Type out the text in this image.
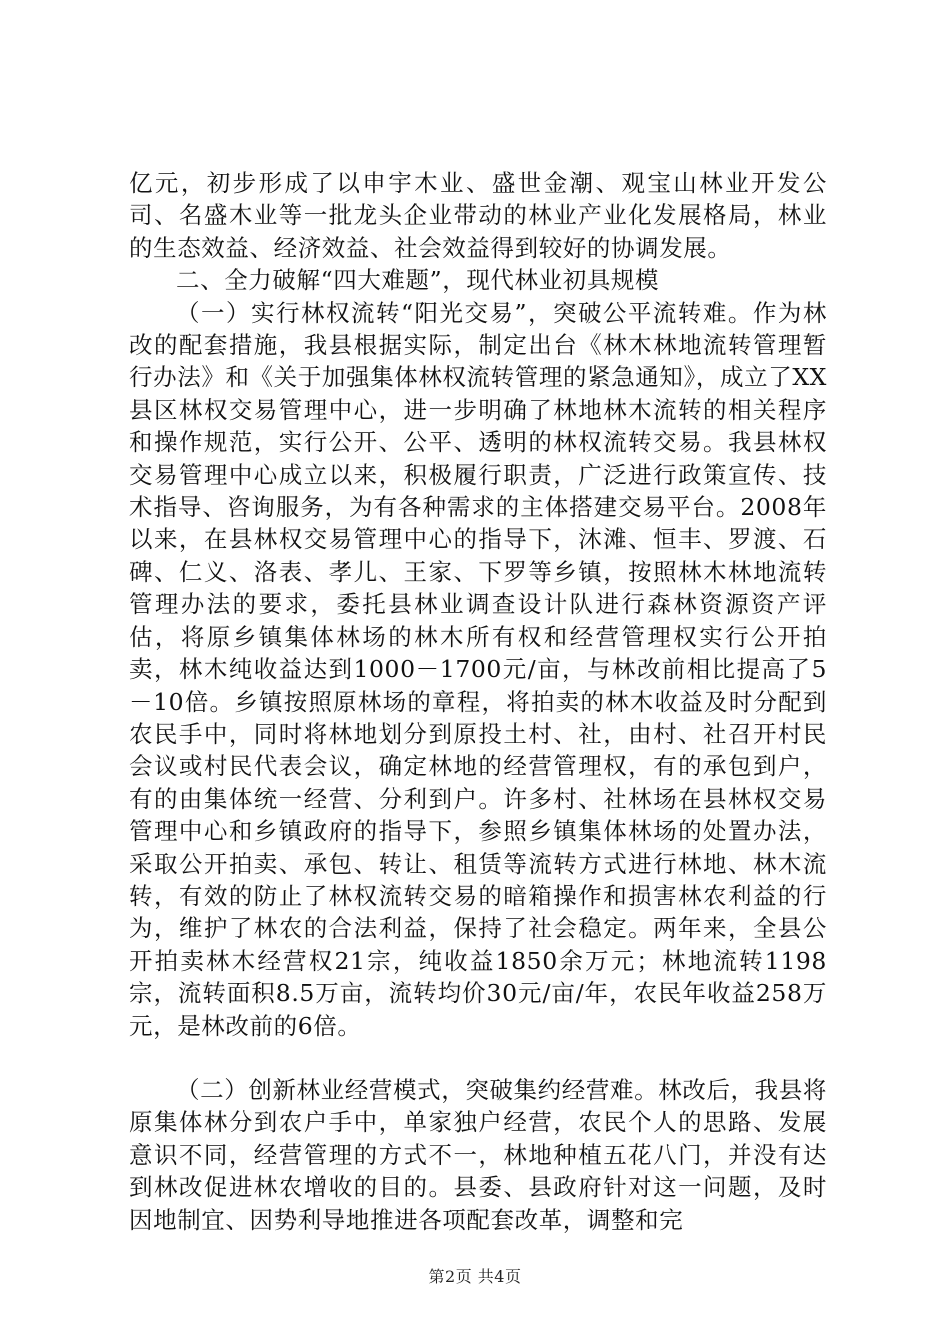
亿元，初步形成了以申宇木业、盛世金潮、观宝山林业开发公司、名盛木业等一批龙头企业带动的林业产业化发展格局，林业的生态效益、经济效益、社会效益得到较好的协调发展。

二、全力破解“四大难题”，现代林业初具规模

（一）实行林权流转“阳光交易”，突破公平流转难。作为林改的配套措施，我县根据实际，制定出台《林木林地流转管理暂行办法》和《关于加强集体林权流转管理的紧急通知》，成立了XX县区林权交易管理中心，进一步明确了林地林木流转的相关程序和操作规范，实行公开、公平、透明的林权流转交易。我县林权交易管理中心成立以来，积极履行职责，广泛进行政策宣传、技术指导、咨询服务，为有各种需求的主体搭建交易平台。2008年以来，在县林权交易管理中心的指导下，沐滩、恒丰、罗渡、石碑、仁义、洛表、孝儿、王家、下罗等乡镇，按照林木林地流转管理办法的要求，委托县林业调查设计队进行森林资源资产评估，将原乡镇集体林场的林木所有权和经营管理权实行公开拍卖，林木纯收益达到1000－1700元/亩，与林改前相比提高了5－10倍。乡镇按照原林场的章程，将拍卖的林木收益及时分配到农民手中，同时将林地划分到原投土村、社，由村、社召开村民会议或村民代表会议，确定林地的经营管理权，有的承包到户，有的由集体统一经营、分利到户。许多村、社林场在县林权交易管理中心和乡镇政府的指导下，参照乡镇集体林场的处置办法，采取公开拍卖、承包、转让、租赁等流转方式进行林地、林木流转，有效的防止了林权流转交易的暗箱操作和损害林农利益的行为，维护了林农的合法利益，保持了社会稳定。两年来，全县公开拍卖林木经营权21宗，纯收益1850余万元；林地流转1198宗，流转面积8.5万亩，流转均价30元/亩/年，农民年收益258万元，是林改前的6倍。

（二）创新林业经营模式，突破集约经营难。林改后，我县将原集体林分到农户手中，单家独户经营，农民个人的思路、发展意识不同，经营管理的方式不一，林地种植五花八门，并没有达到林改促进林农增收的目的。县委、县政府针对这一问题，及时因地制宜、因势利导地推进各项配套改革，调整和完

第2页 共4页
